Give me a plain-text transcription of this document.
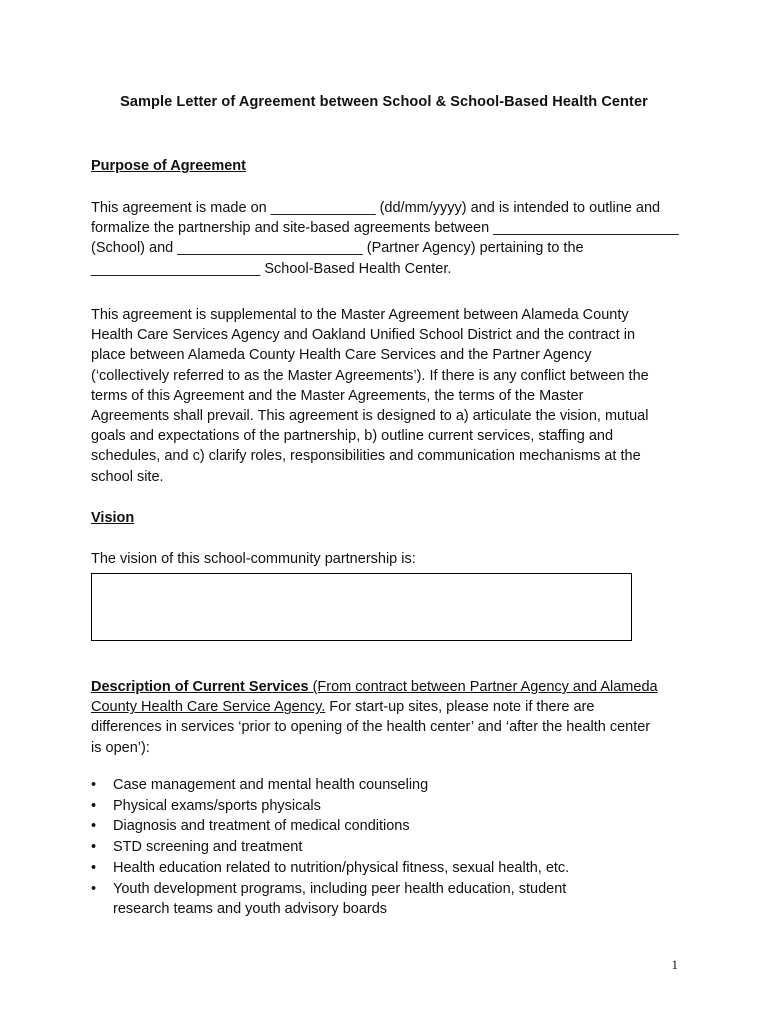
Sample Letter of Agreement between School & School-Based Health Center
Purpose of Agreement
This agreement is made on _____________ (dd/mm/yyyy) and is intended to outline and
formalize the partnership and site-based agreements between _______________________
(School) and _______________________ (Partner Agency) pertaining to the
_____________________ School-Based Health Center.
This agreement is supplemental to the Master Agreement between Alameda County
Health Care Services Agency and Oakland Unified School District and the contract in
place between Alameda County Health Care Services and the Partner Agency
(‘collectively referred to as the Master Agreements’). If there is any conflict between the
terms of this Agreement and the Master Agreements, the terms of the Master
Agreements shall prevail. This agreement is designed to a) articulate the vision, mutual
goals and expectations of the partnership, b) outline current services, staffing and
schedules, and c) clarify roles, responsibilities and communication mechanisms at the
school site.
Vision
The vision of this school-community partnership is:
Description of Current Services (From contract between Partner Agency and Alameda
County Health Care Service Agency. For start-up sites, please note if there are
differences in services ‘prior to opening of the health center’ and ‘after the health center
is open’):
• Case management and mental health counseling
• Physical exams/sports physicals
• Diagnosis and treatment of medical conditions
• STD screening and treatment
• Health education related to nutrition/physical fitness, sexual health, etc.
• Youth development programs, including peer health education, student
research teams and youth advisory boards
1
